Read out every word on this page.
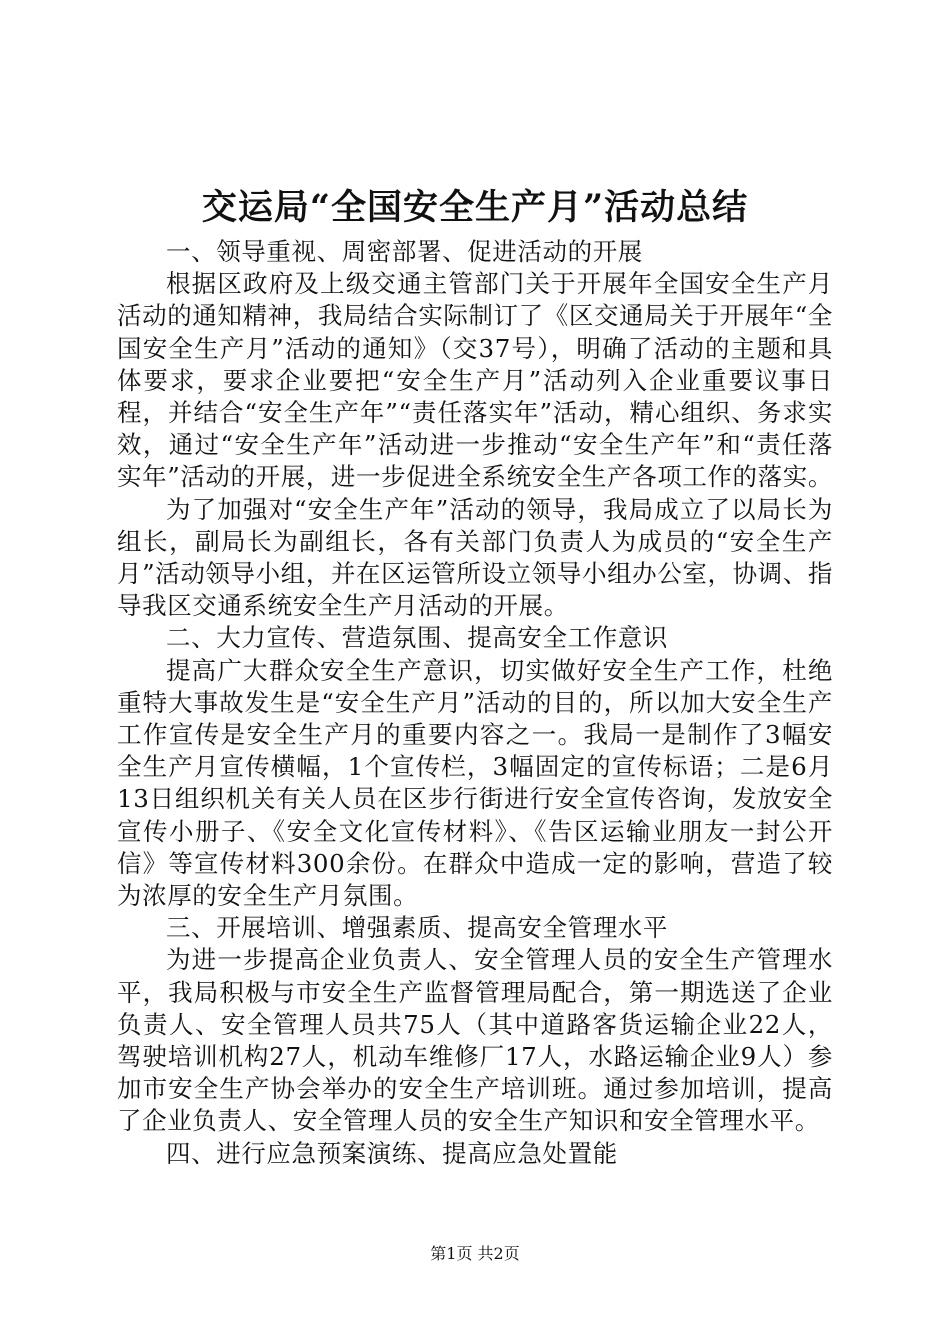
交运局“全国安全生产月”活动总结

一、领导重视、周密部署、促进活动的开展

根据区政府及上级交通主管部门关于开展年全国安全生产月活动的通知精神，我局结合实际制订了《区交通局关于开展年“全国安全生产月”活动的通知》（交37号），明确了活动的主题和具体要求，要求企业要把“安全生产月”活动列入企业重要议事日程，并结合“安全生产年”“责任落实年”活动，精心组织、务求实效，通过“安全生产年”活动进一步推动“安全生产年”和“责任落实年”活动的开展，进一步促进全系统安全生产各项工作的落实。

为了加强对“安全生产年”活动的领导，我局成立了以局长为组长，副局长为副组长，各有关部门负责人为成员的“安全生产月”活动领导小组，并在区运管所设立领导小组办公室，协调、指导我区交通系统安全生产月活动的开展。

二、大力宣传、营造氛围、提高安全工作意识

提高广大群众安全生产意识，切实做好安全生产工作，杜绝重特大事故发生是“安全生产月”活动的目的，所以加大安全生产工作宣传是安全生产月的重要内容之一。我局一是制作了3幅安全生产月宣传横幅，1个宣传栏，3幅固定的宣传标语；二是6月13日组织机关有关人员在区步行街进行安全宣传咨询，发放安全宣传小册子、《安全文化宣传材料》、《告区运输业朋友一封公开信》等宣传材料300余份。在群众中造成一定的影响，营造了较为浓厚的安全生产月氛围。

三、开展培训、增强素质、提高安全管理水平

为进一步提高企业负责人、安全管理人员的安全生产管理水平，我局积极与市安全生产监督管理局配合，第一期选送了企业负责人、安全管理人员共75人（其中道路客货运输企业22人，驾驶培训机构27人，机动车维修厂17人，水路运输企业9人）参加市安全生产协会举办的安全生产培训班。通过参加培训，提高了企业负责人、安全管理人员的安全生产知识和安全管理水平。

四、进行应急预案演练、提高应急处置能

第1页 共2页
